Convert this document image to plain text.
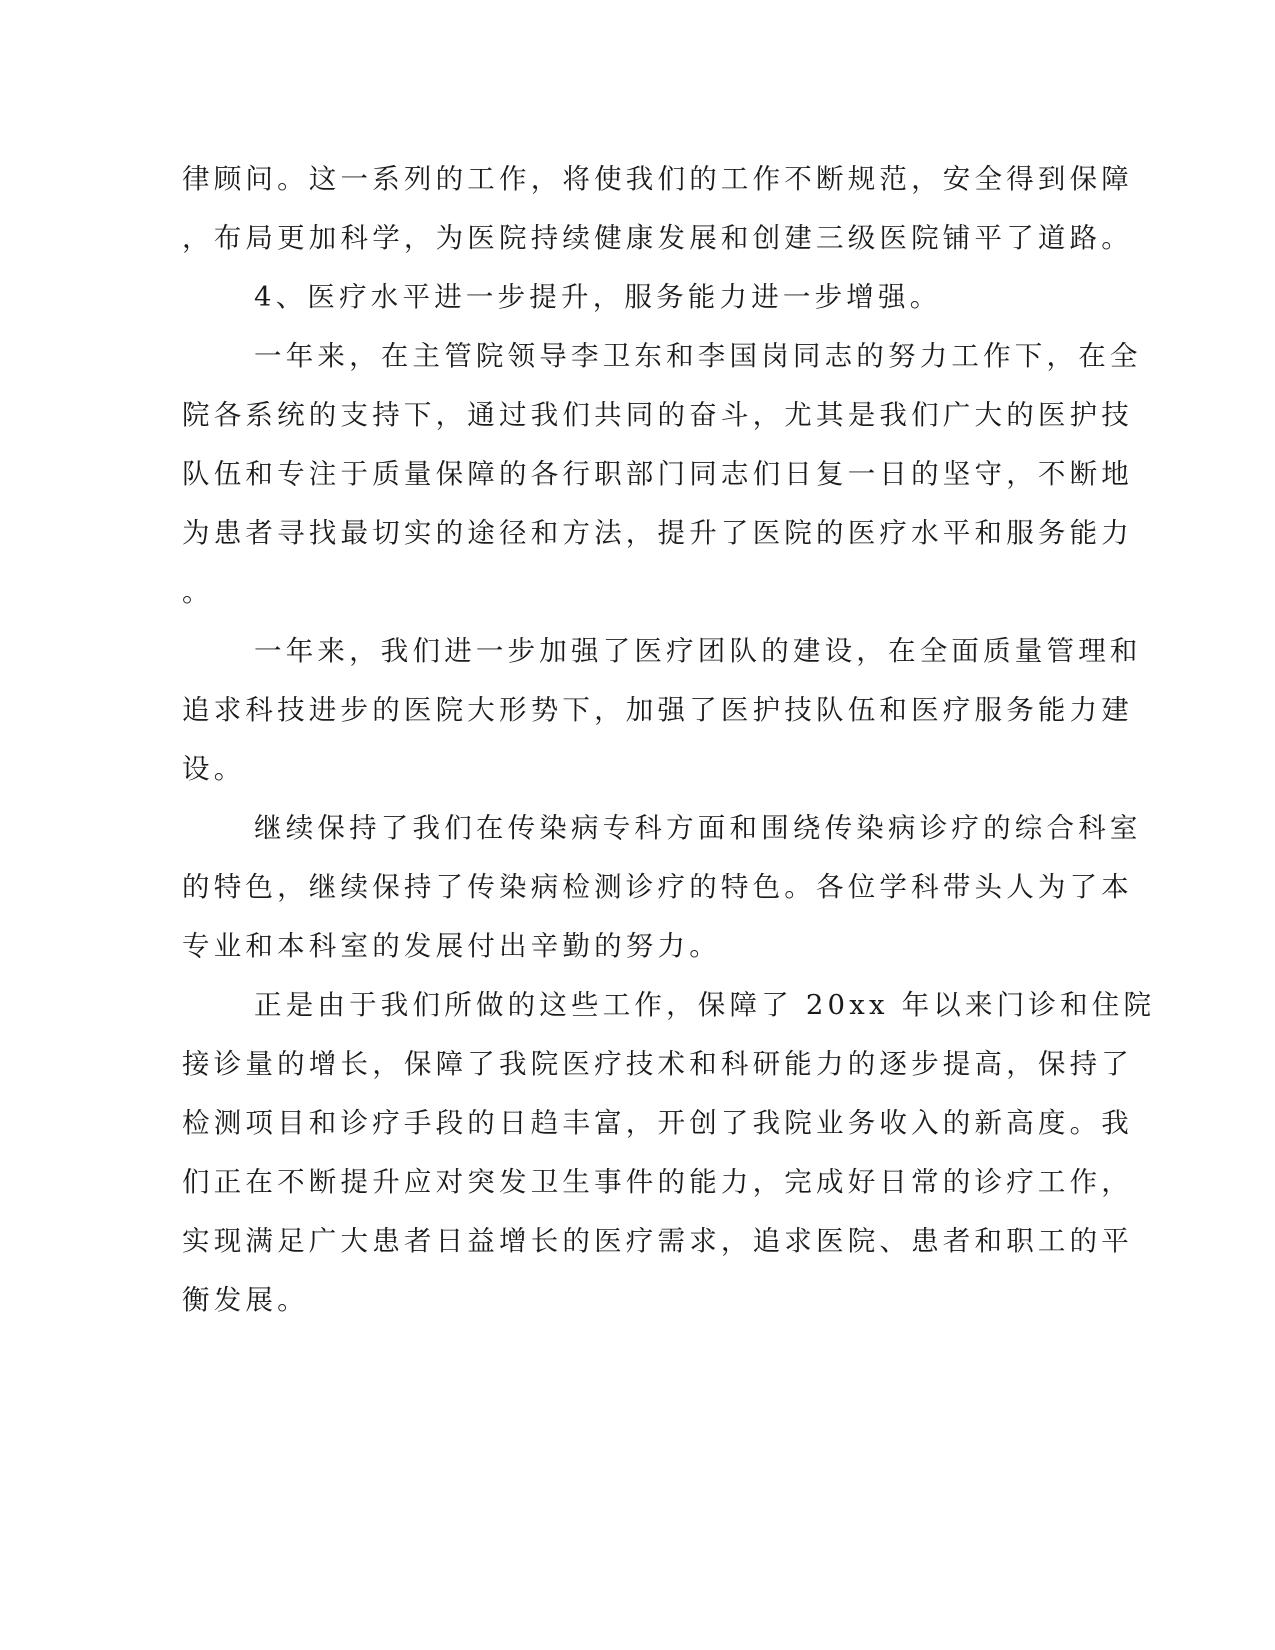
律顾问。这一系列的工作，将使我们的工作不断规范，安全得到保障
，布局更加科学，为医院持续健康发展和创建三级医院铺平了道路。
4、医疗水平进一步提升，服务能力进一步增强。
一年来，在主管院领导李卫东和李国岗同志的努力工作下，在全
院各系统的支持下，通过我们共同的奋斗，尤其是我们广大的医护技
队伍和专注于质量保障的各行职部门同志们日复一日的坚守，不断地
为患者寻找最切实的途径和方法，提升了医院的医疗水平和服务能力
。
一年来，我们进一步加强了医疗团队的建设，在全面质量管理和
追求科技进步的医院大形势下，加强了医护技队伍和医疗服务能力建
设。
继续保持了我们在传染病专科方面和围绕传染病诊疗的综合科室
的特色，继续保持了传染病检测诊疗的特色。各位学科带头人为了本
专业和本科室的发展付出辛勤的努力。
正是由于我们所做的这些工作，保障了 20xx 年以来门诊和住院
接诊量的增长，保障了我院医疗技术和科研能力的逐步提高，保持了
检测项目和诊疗手段的日趋丰富，开创了我院业务收入的新高度。我
们正在不断提升应对突发卫生事件的能力，完成好日常的诊疗工作，
实现满足广大患者日益增长的医疗需求，追求医院、患者和职工的平
衡发展。
